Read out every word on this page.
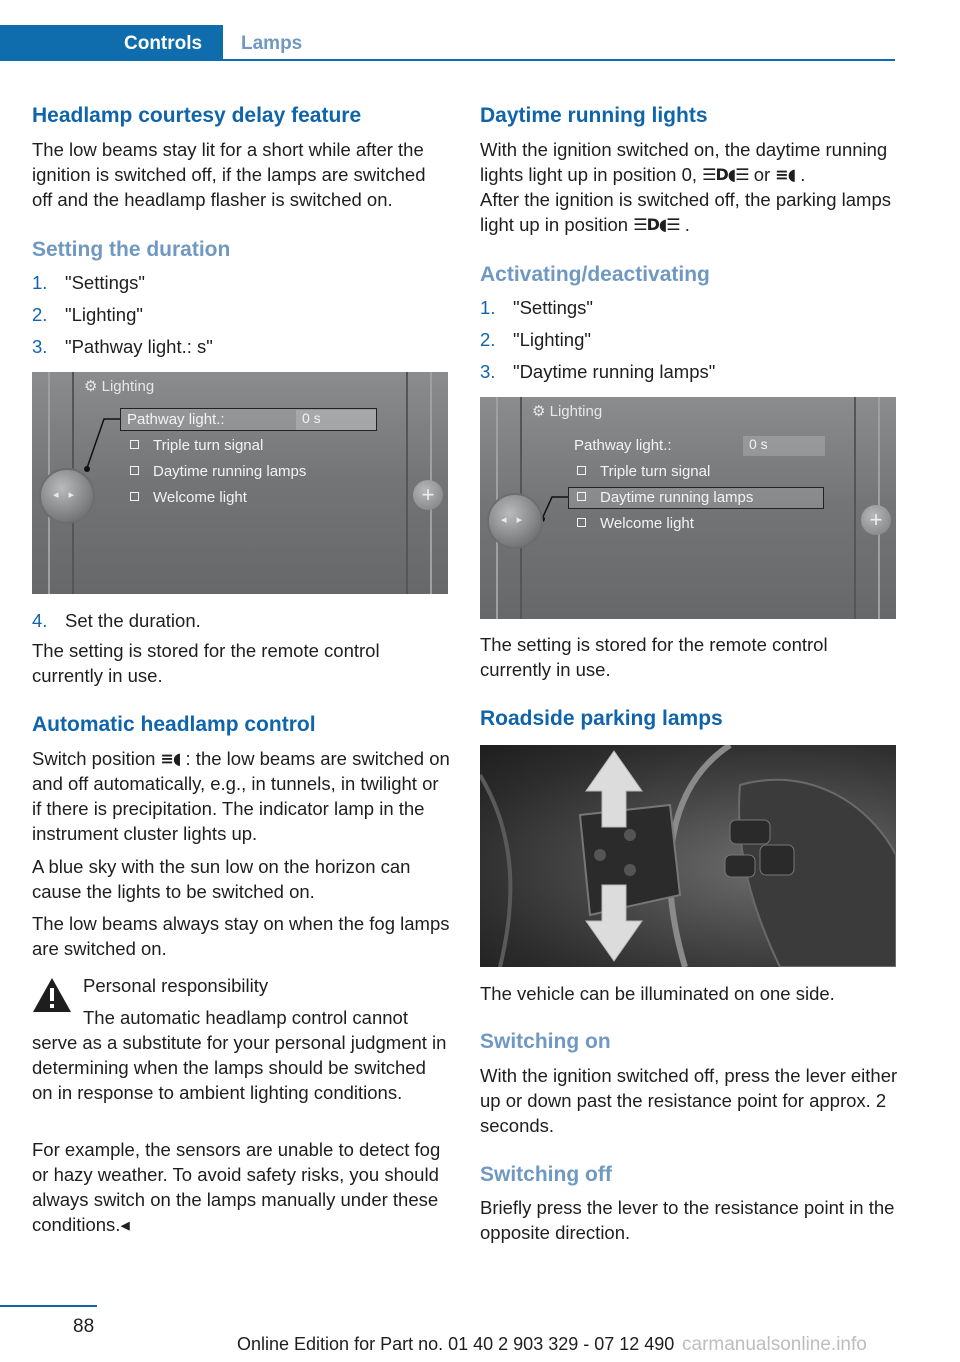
Controls Lamps
Headlamp courtesy delay feature
The low beams stay lit for a short while after the ignition is switched off, if the lamps are switched off and the headlamp flasher is switched on.
Setting the duration
1. "Settings"
2. "Lighting"
3. "Pathway light.: s"
⚙ Lighting
Pathway light.:	0 s
Triple turn signal
Daytime running lamps
Welcome light
◂▸	+
4. Set the duration.
The setting is stored for the remote control currently in use.
Automatic headlamp control
Switch position ≡◖ : the low beams are switched on and off automatically, e.g., in tunnels, in twilight or if there is precipitation. The indicator lamp in the instrument cluster lights up.
A blue sky with the sun low on the horizon can cause the lights to be switched on.
The low beams always stay on when the fog lamps are switched on.
Personal responsibility
The automatic headlamp control cannot
serve as a substitute for your personal judgment in determining when the lamps should be switched on in response to ambient lighting conditions.
For example, the sensors are unable to detect fog or hazy weather. To avoid safety risks, you should always switch on the lamps manually under these conditions.◂
Daytime running lights
With the ignition switched on, the daytime running lights light up in position 0, ☰D◖☰ or ≡◖ .
After the ignition is switched off, the parking lamps light up in position ☰D◖☰ .
Activating/deactivating
1. "Settings"
2. "Lighting"
3. "Daytime running lamps"
⚙ Lighting
Pathway light.:	0 s
Triple turn signal
Daytime running lamps
Welcome light
◂▸	+
The setting is stored for the remote control currently in use.
Roadside parking lamps
The vehicle can be illuminated on one side.
Switching on
With the ignition switched off, press the lever either up or down past the resistance point for approx. 2 seconds.
Switching off
Briefly press the lever to the resistance point in the opposite direction.
88
Online Edition for Part no. 01 40 2 903 329 - 07 12 490 carmanualsonline.info
